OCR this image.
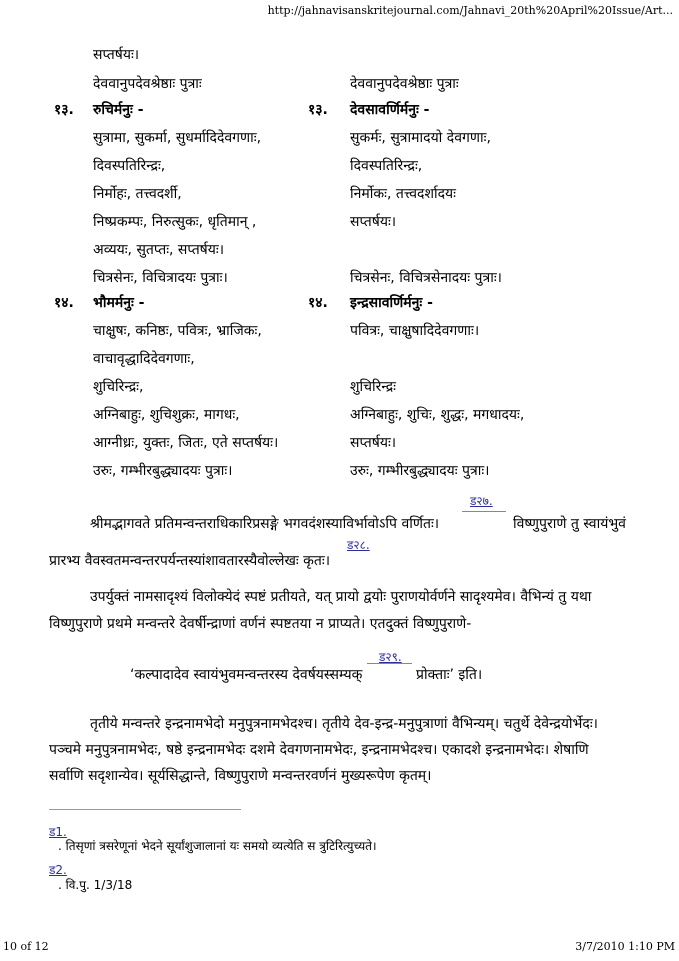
http://jahnavisanskritejournal.com/Jahnavi_20th%20April%20Issue/Art...
सप्तर्षयः।
देववानुपदेवश्रेष्ठाः पुत्राः
१३. रुचिर्मनुः -
सुत्रामा, सुकर्मा, सुधर्मादिदेवगणाः,
दिवस्पतिरिन्द्रः,
निर्मोहः, तत्त्वदर्शी,
निष्प्रकम्पः, निरुत्सुकः, धृतिमान् ,
अव्ययः, सुतप्तः, सप्तर्षयः।
चित्रसेनः, विचित्रादयः पुत्राः।
१४. भौमर्मनुः -
चाक्षुषः, कनिष्ठः, पवित्रः, भ्राजिकः,
वाचावृद्धादिदेवगणाः,
शुचिरिन्द्रः,
अग्निबाहुः, शुचिशुक्रः, मागधः,
आग्नीध्रः, युक्तः, जितः, एते सप्तर्षयः।
उरुः, गम्भीरबुद्ध्यादयः पुत्राः।
देववानुपदेवश्रेष्ठाः पुत्राः
१३. देवसावर्णिर्मनुः -
सुकर्मः, सुत्रामादयो देवगणाः,
दिवस्पतिरिन्द्रः,
निर्मोकः, तत्त्वदर्शादयः
सप्तर्षयः।
चित्रसेनः, विचित्रसेनादयः पुत्राः।
१४. इन्द्रसावर्णिर्मनुः -
पवित्रः, चाक्षुषादिदेवगणाः।
शुचिरिन्द्रः
अग्निबाहुः, शुचिः, शुद्धः, मगधादयः,
सप्तर्षयः।
उरुः, गम्भीरबुद्ध्यादयः पुत्राः।
श्रीमद्भागवते प्रतिमन्वन्तराधिकारिप्रसङ्गे भगवदंशस्याविर्भावोऽपि वर्णितः।
ड२७.
विष्णुपुराणे तु स्वायंभुवं
ड२८.
प्रारभ्य वैवस्वतमन्वन्तरपर्यन्तस्यांशावतारस्यैवोल्लेखः कृतः।
उपर्युक्तं नामसादृश्यं विलोक्येदं स्पष्टं प्रतीयते, यत् प्रायो द्वयोः पुराणयोर्वर्णने सादृश्यमेव। वैभिन्यं तु यथा
विष्णुपुराणे प्रथमे मन्वन्तरे देवर्षीन्द्राणां वर्णनं स्पष्टतया न प्राप्यते। एतदुक्तं विष्णुपुराणे-
‘कल्पादादेव स्वायंभुवमन्वन्तरस्य देवर्षयस्सम्यक्
ड२९.
प्रोक्ताः’ इति।
तृतीये मन्वन्तरे इन्द्रनामभेदो मनुपुत्रनामभेदश्च। तृतीये देव-इन्द्र-मनुपुत्राणां वैभिन्यम्। चतुर्थे देवेन्द्रयोर्भेदः।
पञ्चमे मनुपुत्रनामभेदः, षष्ठे इन्द्रनामभेदः दशमे देवगणनामभेदः, इन्द्रनामभेदश्च। एकादशे इन्द्रनामभेदः। शेषाणि
सर्वाणि सदृशान्येव। सूर्यसिद्धान्ते, विष्णुपुराणे मन्वन्तरवर्णनं मुख्यरूपेण कृतम्।
ड1.
. तिसृणां त्रसरेणूनां भेदने सूर्यांशुजालानां यः समयो व्यत्येति स त्रुटिरित्युच्यते।
ड2.
. वि.पु. 1/3/18
10 of 12	3/7/2010 1:10 PM
